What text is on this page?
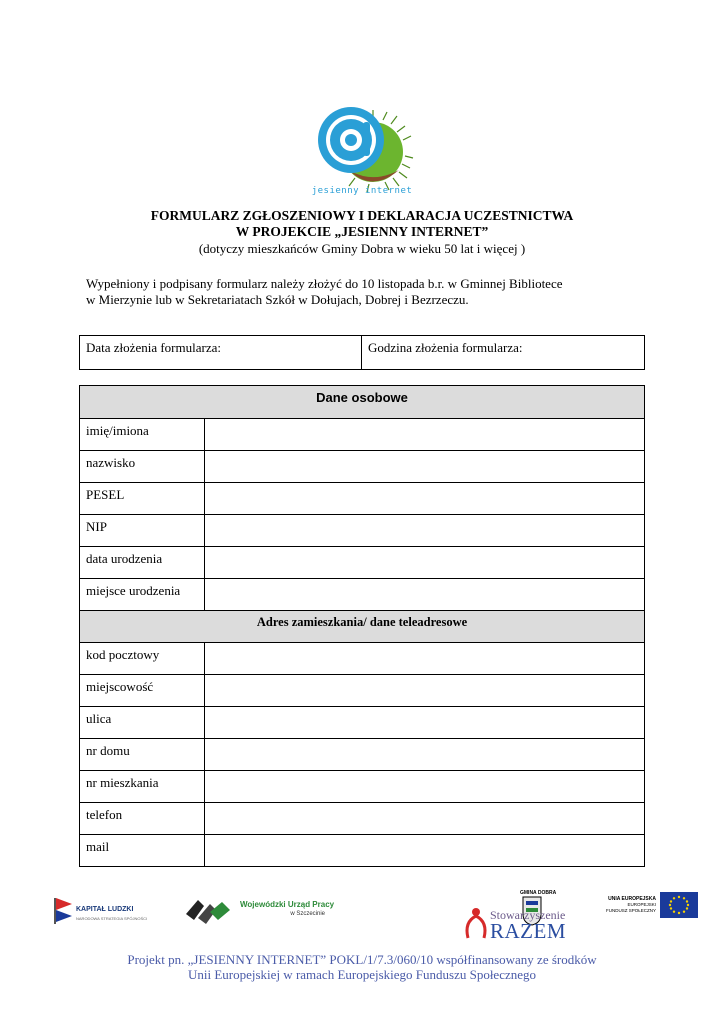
jesienny internet
FORMULARZ ZGŁOSZENIOWY I DEKLARACJA UCZESTNICTWA
W PROJEKCIE „JESIENNY INTERNET”
(dotyczy mieszkańców Gminy Dobra w wieku 50 lat i więcej )
Wypełniony i podpisany formularz należy złożyć do 10 listopada b.r. w Gminnej Bibliotece
w Mierzynie lub w Sekretariatach Szkół w Dołujach, Dobrej i Bezrzeczu.
Data złożenia formularza:	Godzina złożenia formularza:
Dane osobowe	
imię/imiona	
nazwisko	
PESEL	
NIP	
data urodzenia	
miejsce urodzenia	
Adres zamieszkania/ dane teleadresowe	
kod pocztowy	
miejscowość	
ulica	
nr domu	
nr mieszkania	
telefon	
mail	
KAPITAŁ LUDZKI
NARODOWA STRATEGIA SPÓJNOŚCI
Wojewódzki Urząd Pracy
w Szczecinie
GMINA DOBRA
Stowarzyszenie
RAZEM
UNIA EUROPEJSKA
EUROPEJSKI
FUNDUSZ SPOŁECZNY
Projekt pn. „JESIENNY INTERNET” POKL/1/7.3/060/10 współfinansowany ze środków
Unii Europejskiej w ramach Europejskiego Funduszu Społecznego
